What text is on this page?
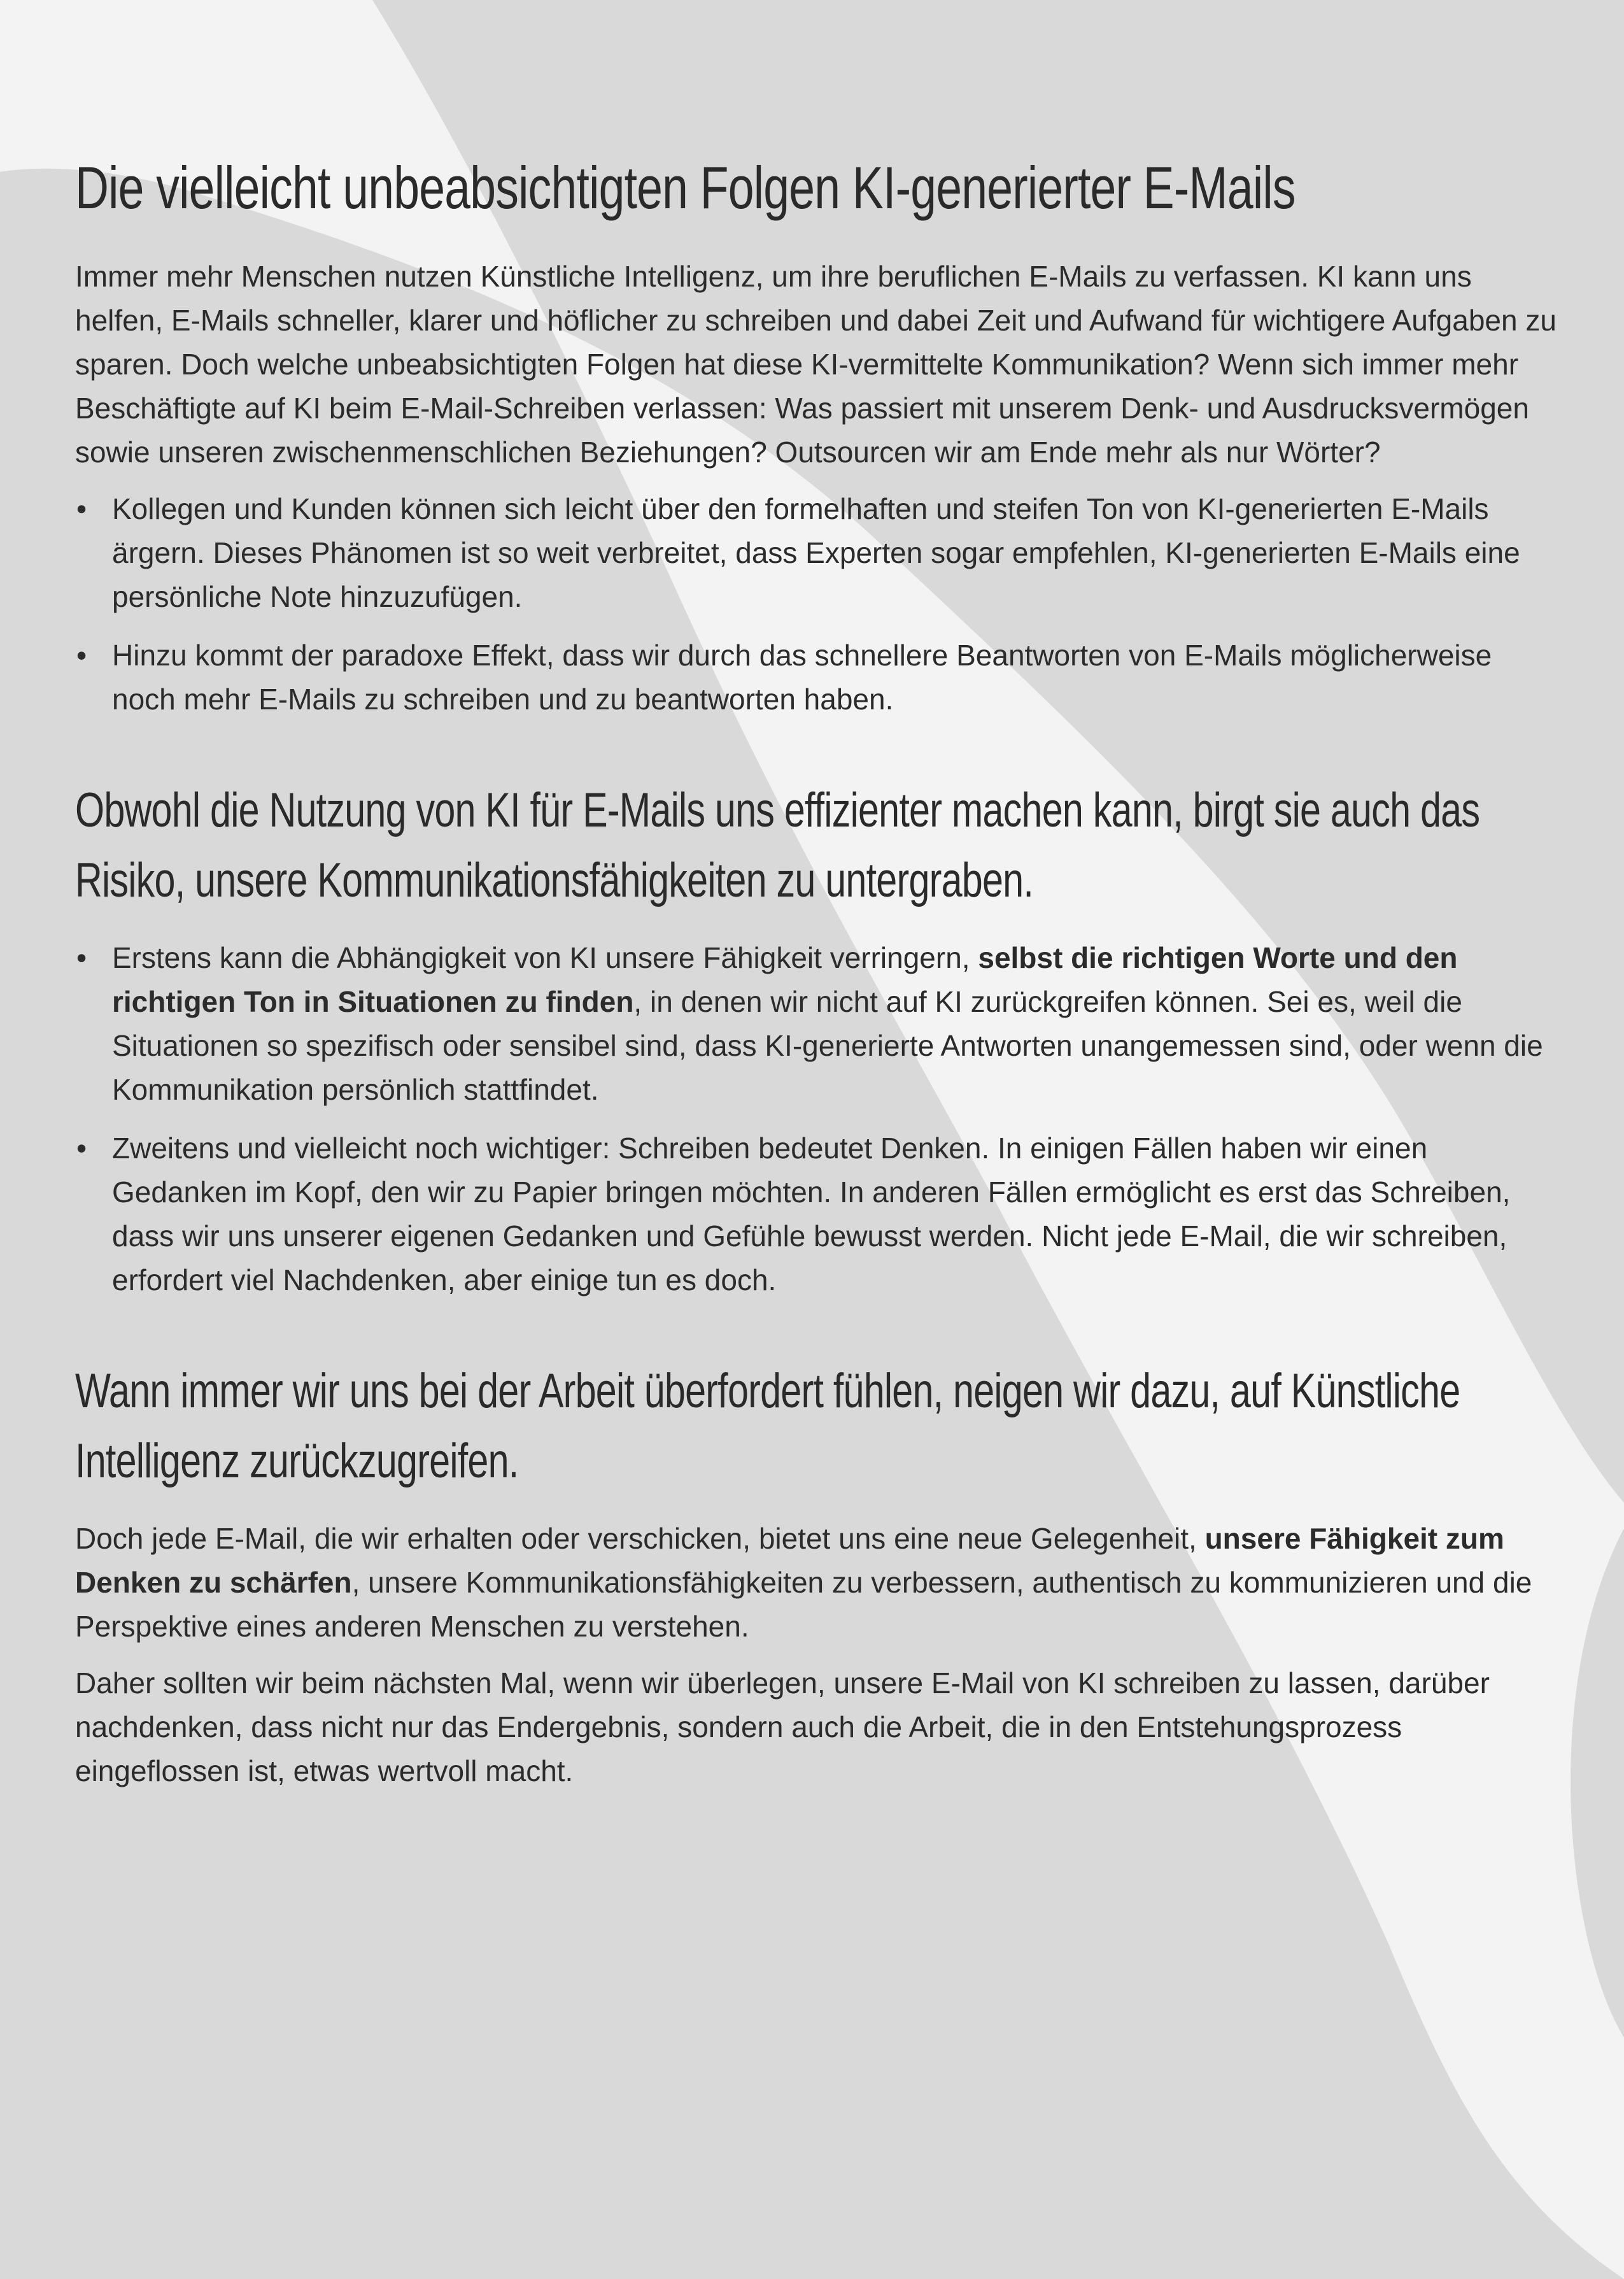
Die vielleicht unbeabsichtigten Folgen KI-generierter E-Mails

Immer mehr Menschen nutzen Künstliche Intelligenz, um ihre beruflichen E-Mails zu verfassen. KI kann uns helfen, E-Mails schneller, klarer und höflicher zu schreiben und dabei Zeit und Aufwand für wichtigere Aufgaben zu sparen. Doch welche unbeabsichtigten Folgen hat diese KI-vermittelte Kommunikation? Wenn sich immer mehr Beschäftigte auf KI beim E-Mail-Schreiben verlassen: Was passiert mit unserem Denk- und Ausdrucksvermögen sowie unseren zwischenmenschlichen Beziehungen? Outsourcen wir am Ende mehr als nur Wörter?

• Kollegen und Kunden können sich leicht über den formelhaften und steifen Ton von KI-generierten E-Mails ärgern. Dieses Phänomen ist so weit verbreitet, dass Experten sogar empfehlen, KI-generierten E-Mails eine persönliche Note hinzuzufügen.
• Hinzu kommt der paradoxe Effekt, dass wir durch das schnellere Beantworten von E-Mails möglicherweise noch mehr E-Mails zu schreiben und zu beantworten haben.
Obwohl die Nutzung von KI für E-Mails uns effizienter machen kann, birgt sie auch das Risiko, unsere Kommunikationsfähigkeiten zu untergraben.
• Erstens kann die Abhängigkeit von KI unsere Fähigkeit verringern, selbst die richtigen Worte und den richtigen Ton in Situationen zu finden, in denen wir nicht auf KI zurückgreifen können. Sei es, weil die Situationen so spezifisch oder sensibel sind, dass KI-generierte Antworten unangemessen sind, oder wenn die Kommunikation persönlich stattfindet.
• Zweitens und vielleicht noch wichtiger: Schreiben bedeutet Denken. In einigen Fällen haben wir einen Gedanken im Kopf, den wir zu Papier bringen möchten. In anderen Fällen ermöglicht es erst das Schreiben, dass wir uns unserer eigenen Gedanken und Gefühle bewusst werden. Nicht jede E-Mail, die wir schreiben, erfordert viel Nachdenken, aber einige tun es doch.
Wann immer wir uns bei der Arbeit überfordert fühlen, neigen wir dazu, auf Künstliche Intelligenz zurückzugreifen.

Doch jede E-Mail, die wir erhalten oder verschicken, bietet uns eine neue Gelegenheit, unsere Fähigkeit zum Denken zu schärfen, unsere Kommunikationsfähigkeiten zu verbessern, authentisch zu kommunizieren und die Perspektive eines anderen Menschen zu verstehen.

Daher sollten wir beim nächsten Mal, wenn wir überlegen, unsere E-Mail von KI schreiben zu lassen, darüber nachdenken, dass nicht nur das Endergebnis, sondern auch die Arbeit, die in den Entstehungsprozess eingeflossen ist, etwas wertvoll macht.
